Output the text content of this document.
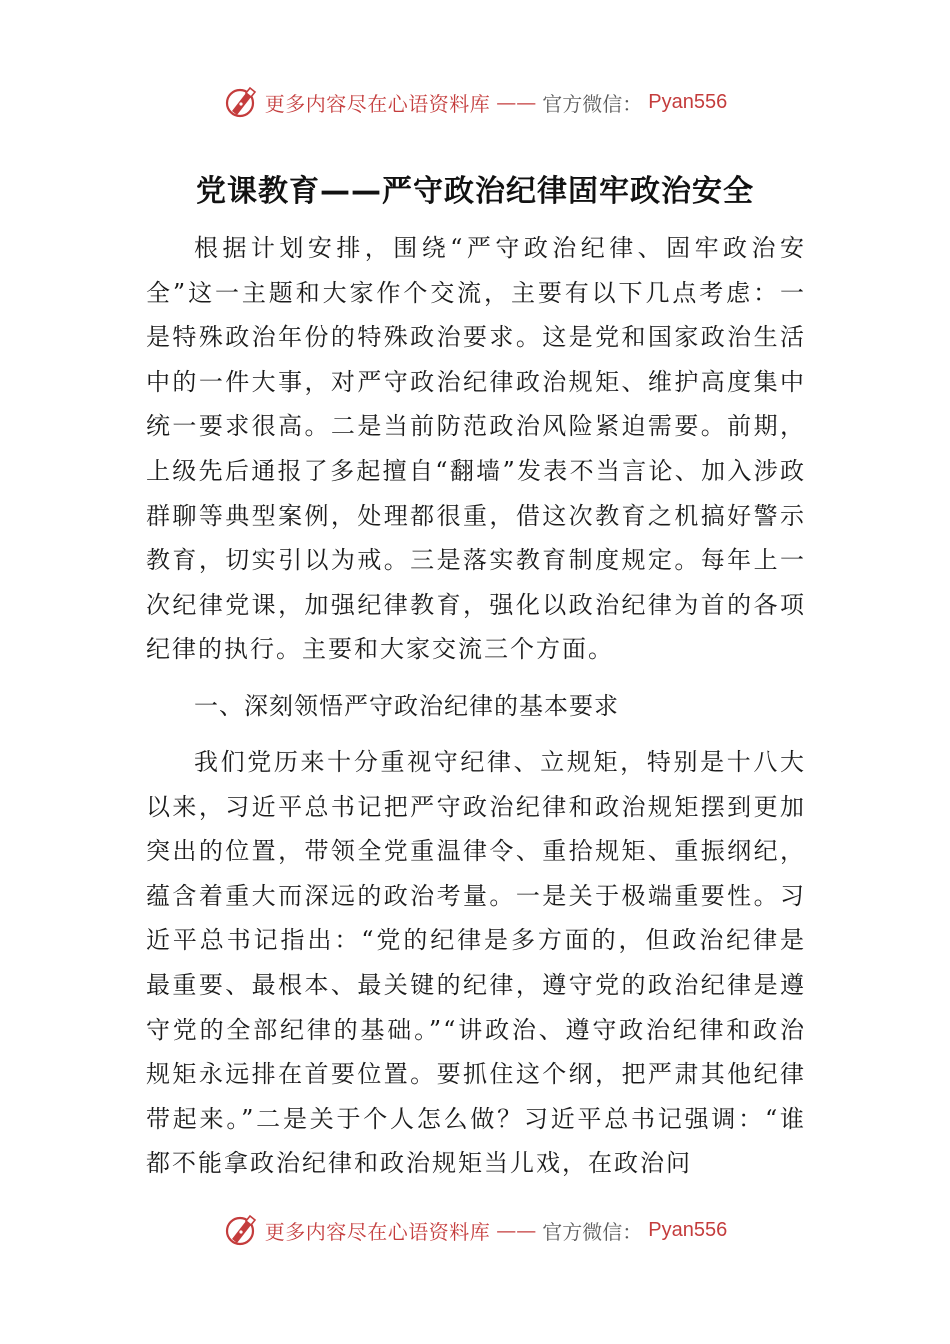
更多内容尽在心语资料库 —— 官方微信： Pyan556
党课教育——严守政治纪律固牢政治安全

根据计划安排，围绕“严守政治纪律、固牢政治安全”这一主题和大家作个交流，主要有以下几点考虑：一是特殊政治年份的特殊政治要求。这是党和国家政治生活中的一件大事，对严守政治纪律政治规矩、维护高度集中统一要求很高。二是当前防范政治风险紧迫需要。前期，上级先后通报了多起擅自“翻墙”发表不当言论、加入涉政群聊等典型案例，处理都很重，借这次教育之机搞好警示教育，切实引以为戒。三是落实教育制度规定。每年上一次纪律党课，加强纪律教育，强化以政治纪律为首的各项纪律的执行。主要和大家交流三个方面。

一、深刻领悟严守政治纪律的基本要求

我们党历来十分重视守纪律、立规矩，特别是十八大以来，习近平总书记把严守政治纪律和政治规矩摆到更加突出的位置，带领全党重温律令、重拾规矩、重振纲纪，蕴含着重大而深远的政治考量。一是关于极端重要性。习近平总书记指出：“党的纪律是多方面的，但政治纪律是最重要、最根本、最关键的纪律，遵守党的政治纪律是遵守党的全部纪律的基础。”“讲政治、遵守政治纪律和政治规矩永远排在首要位置。要抓住这个纲，把严肃其他纪律带起来。”二是关于个人怎么做？习近平总书记强调：“谁都不能拿政治纪律和政治规矩当儿戏，在政治问

更多内容尽在心语资料库 —— 官方微信： Pyan556
